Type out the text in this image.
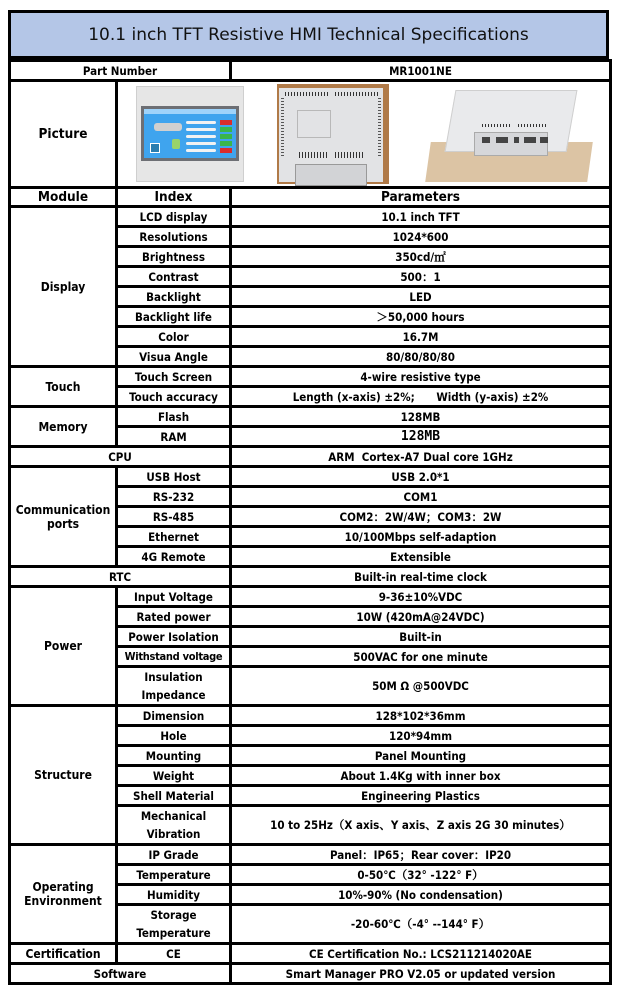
10.1 inch TFT Resistive HMI Technical Specifications
Part Number		MR1001NE
Picture		

Module	Index	Parameters
Display	LCD display	10.1 inch TFT
	Resolutions	1024*600
	Brightness	350cd/㎡
	Contrast	500：1
	Backlight	LED
	Backlight life	＞50,000 hours
	Color	16.7M
	Visua Angle	80/80/80/80
Touch	Touch Screen	4-wire resistive type
	Touch accuracy	Length (x-axis) ±2%;      Width (y-axis) ±2%
Memory	Flash	128MB
	RAM	128MB
CPU		ARM  Cortex-A7 Dual core 1GHz
Communication ports	USB Host	USB 2.0*1
	RS-232	COM1
	RS-485	COM2：2W/4W；COM3：2W
	Ethernet	10/100Mbps self-adaption
	4G Remote	Extensible
RTC		Built-in real-time clock
Power	Input Voltage	9-36±10%VDC
	Rated power	10W (420mA@24VDC)
	Power Isolation	Built-in
	Withstand voltage	500VAC for one minute
	Insulation Impedance	50M Ω @500VDC
Structure	Dimension	128*102*36mm
	Hole	120*94mm
	Mounting	Panel Mounting
	Weight	About 1.4Kg with inner box
	Shell Material	Engineering Plastics
	Mechanical Vibration	10 to 25Hz（X axis、Y axis、Z axis 2G 30 minutes）
Operating Environment	IP Grade	Panel：IP65；Rear cover：IP20
	Temperature	0-50℃（32° -122° F）
	Humidity	10%-90% (No condensation)
	Storage Temperature	-20-60℃（-4° --144° F）
Certification	CE	CE Certification No.: LCS211214020AE
Software		Smart Manager PRO V2.05 or updated version
